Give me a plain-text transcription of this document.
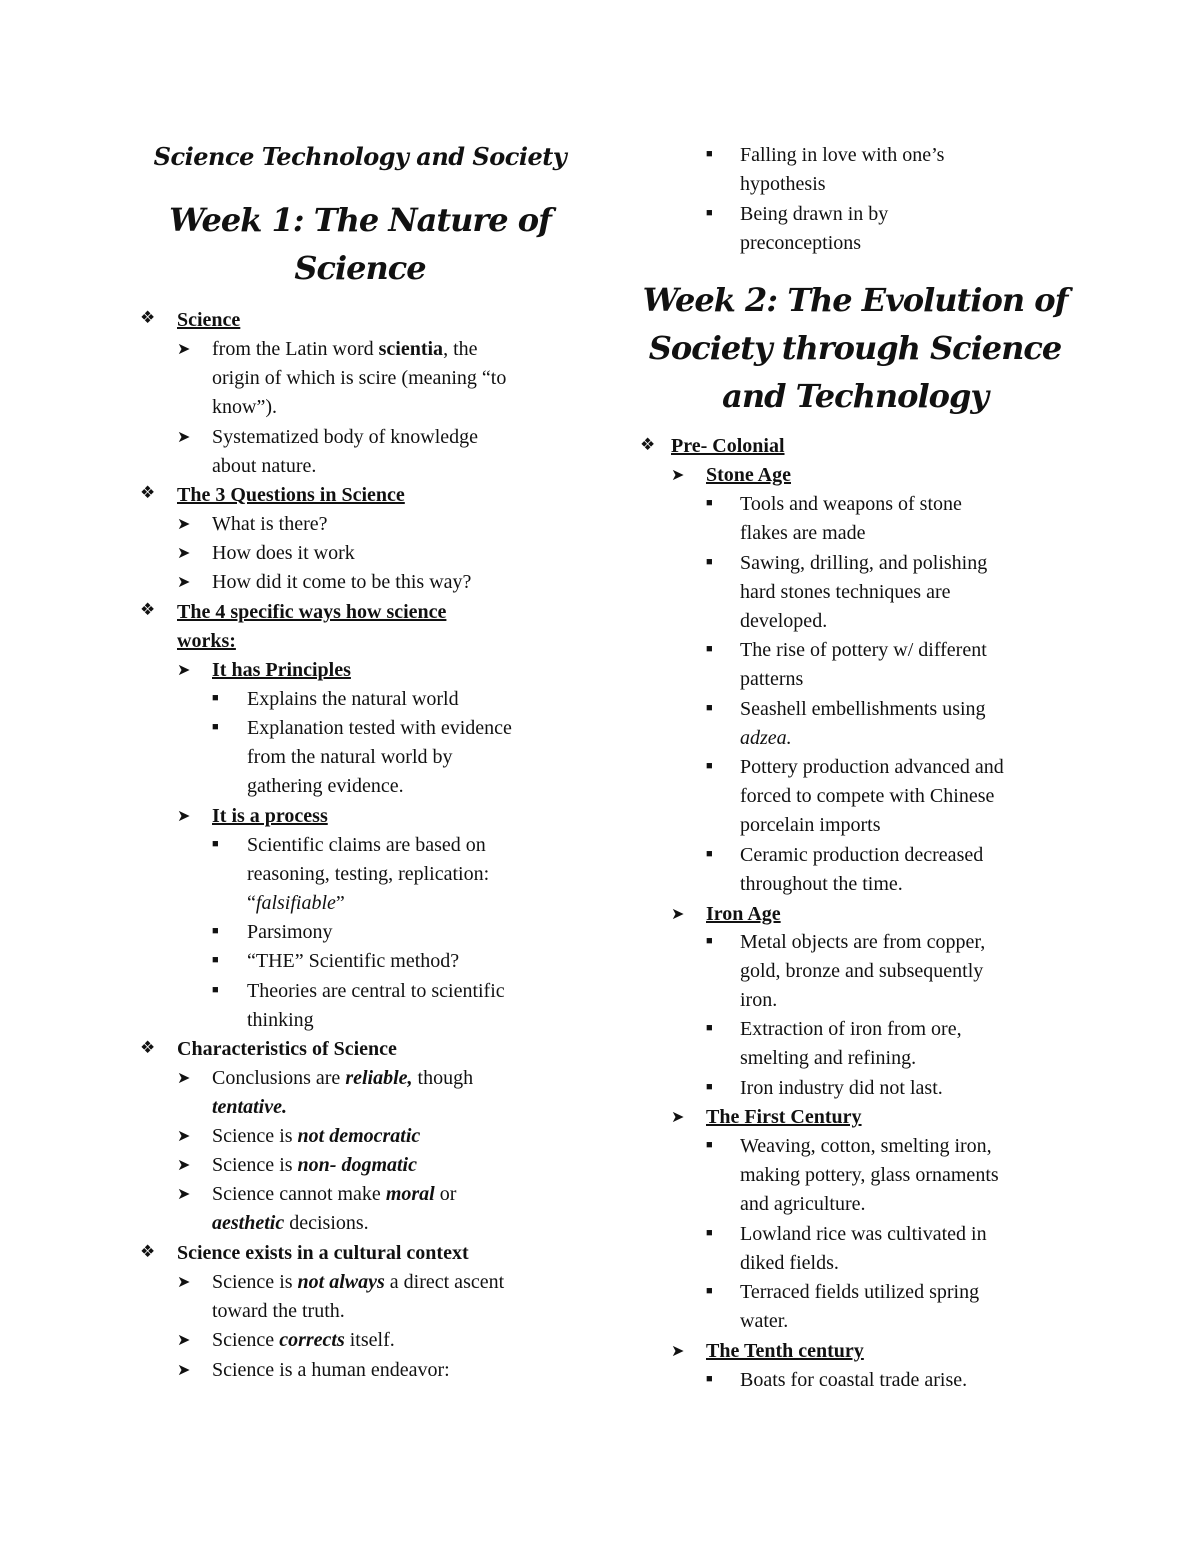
Science Technology and Society
Week 1: The Nature of
Science
❖ Science
➤ from the Latin word scientia, the
origin of which is scire (meaning “to
know”).
➤ Systematized body of knowledge
about nature.
❖ The 3 Questions in Science
➤ What is there?
➤ How does it work
➤ How did it come to be this way?
❖ The 4 specific ways how science
works:
➤ It has Principles
■ Explains the natural world
■ Explanation tested with evidence
from the natural world by
gathering evidence.
➤ It is a process
■ Scientific claims are based on
reasoning, testing, replication:
“falsifiable”
■ Parsimony
■ “THE” Scientific method?
■ Theories are central to scientific
thinking
❖ Characteristics of Science
➤ Conclusions are reliable, though
tentative.
➤ Science is not democratic
➤ Science is non- dogmatic
➤ Science cannot make moral or
aesthetic decisions.
❖ Science exists in a cultural context
➤ Science is not always a direct ascent
toward the truth.
➤ Science corrects itself.
➤ Science is a human endeavor:
■ Falling in love with one’s
hypothesis
■ Being drawn in by
preconceptions
Week 2: The Evolution of
Society through Science
and Technology
❖ Pre- Colonial
➤ Stone Age
■ Tools and weapons of stone
flakes are made
■ Sawing, drilling, and polishing
hard stones techniques are
developed.
■ The rise of pottery w/ different
patterns
■ Seashell embellishments using
adzea.
■ Pottery production advanced and
forced to compete with Chinese
porcelain imports
■ Ceramic production decreased
throughout the time.
➤ Iron Age
■ Metal objects are from copper,
gold, bronze and subsequently
iron.
■ Extraction of iron from ore,
smelting and refining.
■ Iron industry did not last.
➤ The First Century
■ Weaving, cotton, smelting iron,
making pottery, glass ornaments
and agriculture.
■ Lowland rice was cultivated in
diked fields.
■ Terraced fields utilized spring
water.
➤ The Tenth century
■ Boats for coastal trade arise.
